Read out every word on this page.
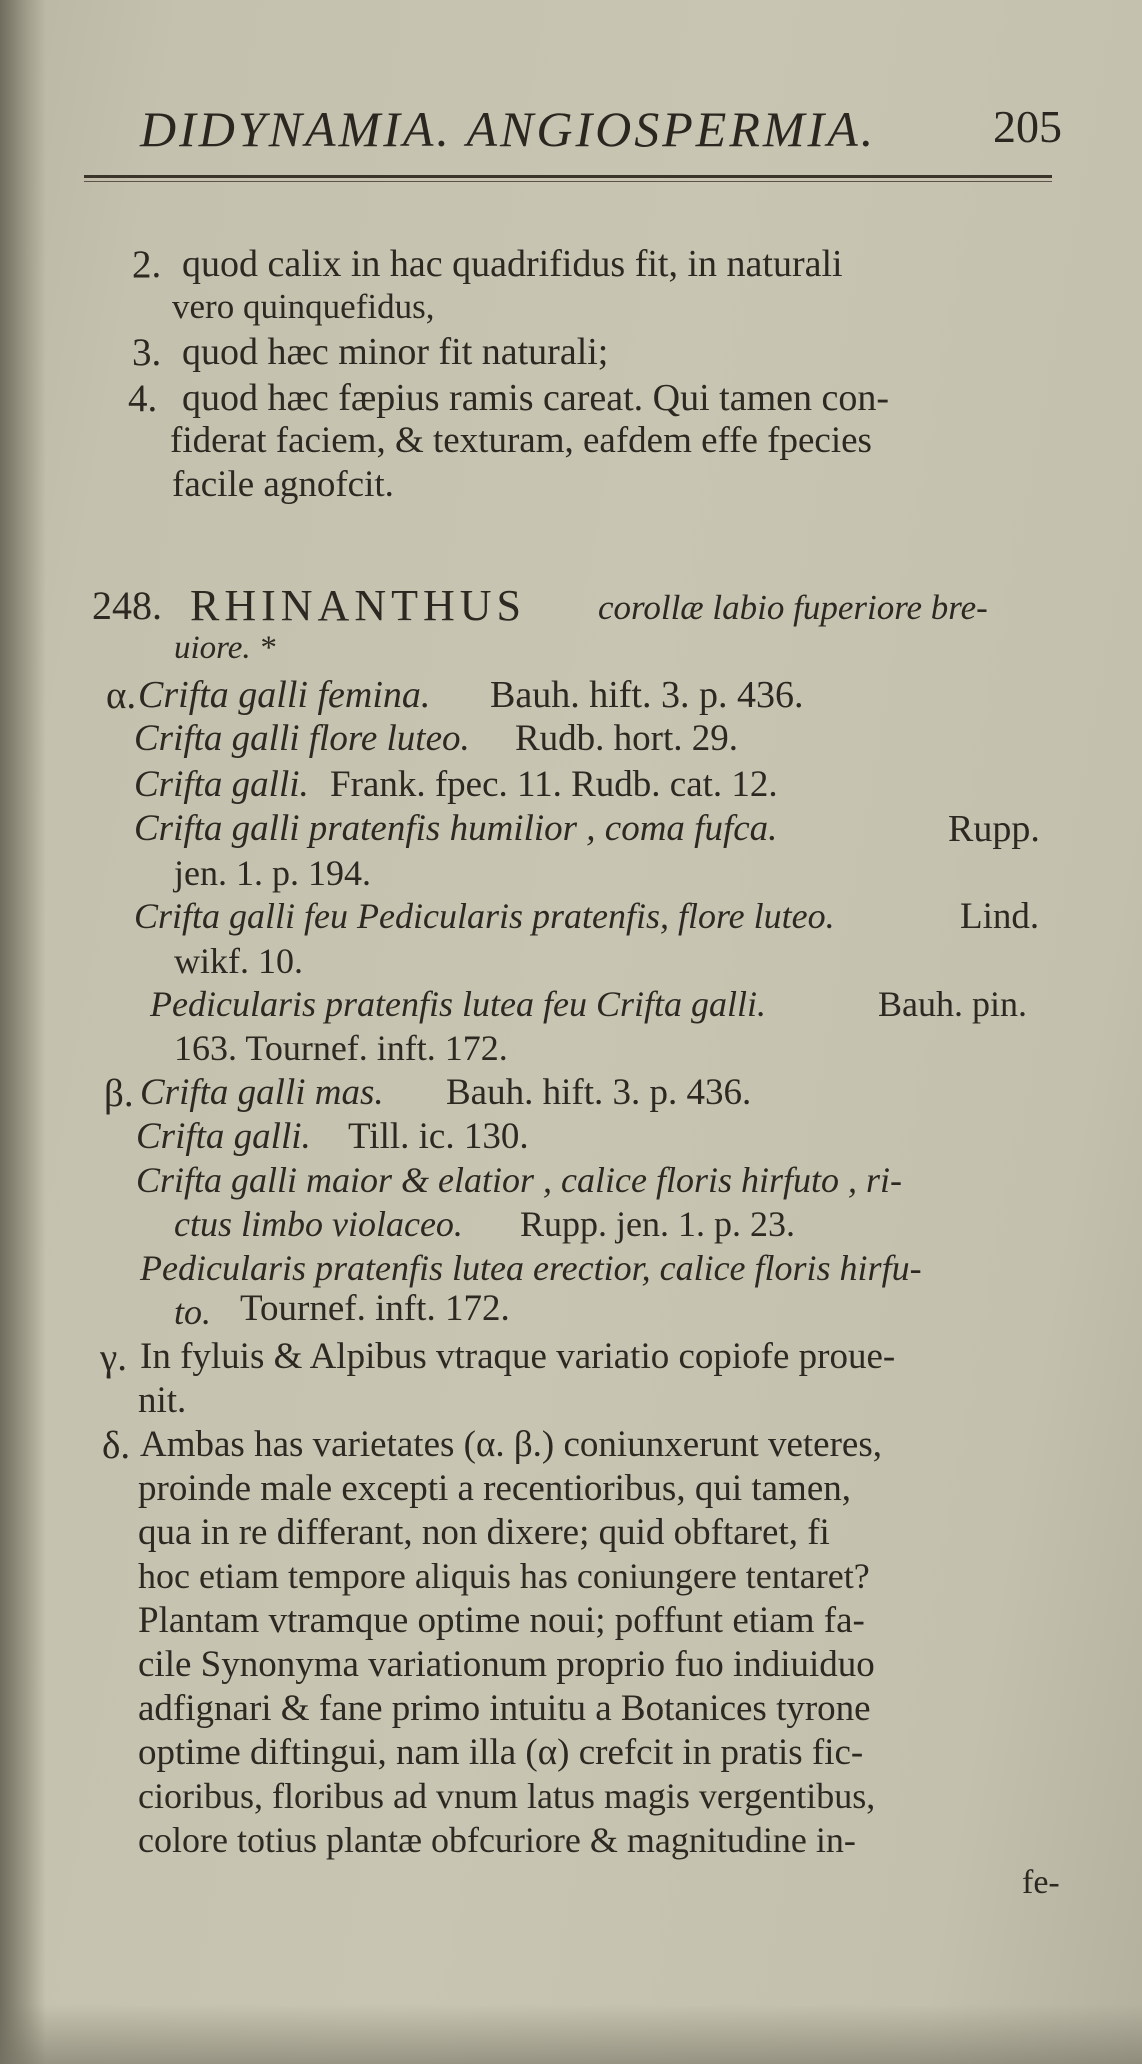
DIDYNAMIA. ANGIOSPERMIA.	205
2. quod calix in hac quadrifidus fit, in naturali
vero quinquefidus,
3. quod hæc minor fit naturali;
4. quod hæc fæpius ramis careat. Qui tamen con-
fiderat faciem, & texturam, eafdem effe fpecies
facile agnofcit.
248. RHINANTHUS corollæ labio fuperiore bre-
uiore. *
α. Crifta galli femina. Bauh. hift. 3. p. 436.
Crifta galli flore luteo. Rudb. hort. 29.
Crifta galli. Frank. fpec. 11. Rudb. cat. 12.
Crifta galli pratenfis humilior , coma fufca.	Rupp.
jen. 1. p. 194.
Crifta galli feu Pedicularis pratenfis, flore luteo.	Lind.
wikf. 10.
Pedicularis pratenfis lutea feu Crifta galli.	Bauh. pin.
163. Tournef. inft. 172.
β. Crifta galli mas. Bauh. hift. 3. p. 436.
Crifta galli. Till. ic. 130.
Crifta galli maior & elatior , calice floris hirfuto , ri-
ctus limbo violaceo. Rupp. jen. 1. p. 23.
Pedicularis pratenfis lutea erectior, calice floris hirfu-
to. Tournef. inft. 172.
γ. In fyluis & Alpibus vtraque variatio copiofe proue-
nit.
δ. Ambas has varietates (α. β.) coniunxerunt veteres,
proinde male excepti a recentioribus, qui tamen,
qua in re differant, non dixere; quid obftaret, fi
hoc etiam tempore aliquis has coniungere tentaret?
Plantam vtramque optime noui; poffunt etiam fa-
cile Synonyma variationum proprio fuo indiuiduo
adfignari & fane primo intuitu a Botanices tyrone
optime diftingui, nam illa (α) crefcit in pratis fic-
cioribus, floribus ad vnum latus magis vergentibus,
colore totius plantæ obfcuriore & magnitudine in-
fe-
